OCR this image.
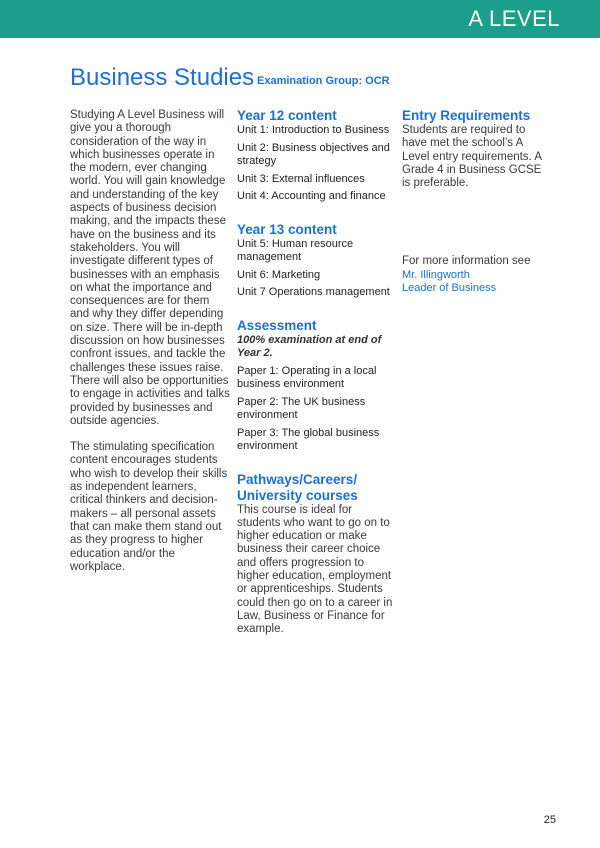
A LEVEL
Business Studies Examination Group: OCR

Studying A Level Business will give you a thorough consideration of the way in which businesses operate in the modern, ever changing world. You will gain knowledge and understanding of the key aspects of business decision making, and the impacts these have on the business and its stakeholders. You will investigate different types of businesses with an emphasis on what the importance and consequences are for them and why they differ depending on size. There will be in-depth discussion on how businesses confront issues, and tackle the challenges these issues raise. There will also be opportunities to engage in activities and talks provided by businesses and outside agencies.

The stimulating specification content encourages students who wish to develop their skills as independent learners, critical thinkers and decision-makers – all personal assets that can make them stand out as they progress to higher education and/or the workplace.

Year 12 content

Unit 1: Introduction to Business

Unit 2: Business objectives and strategy

Unit 3: External influences

Unit 4: Accounting and finance

Year 13 content

Unit 5: Human resource management

Unit 6: Marketing

Unit 7 Operations management

Assessment

100% examination at end of Year 2.

Paper 1: Operating in a local business environment

Paper 2: The UK business environment

Paper 3: The global business environment

Pathways/Careers/ University courses

This course is ideal for students who want to go on to higher education or make business their career choice and offers progression to higher education, employment or apprenticeships. Students could then go on to a career in Law, Business or Finance for example.

Entry Requirements

Students are required to have met the school’s A Level entry requirements. A Grade 4 in Business GCSE is preferable.

For more information see

Mr. Illingworth

Leader of Business

25
